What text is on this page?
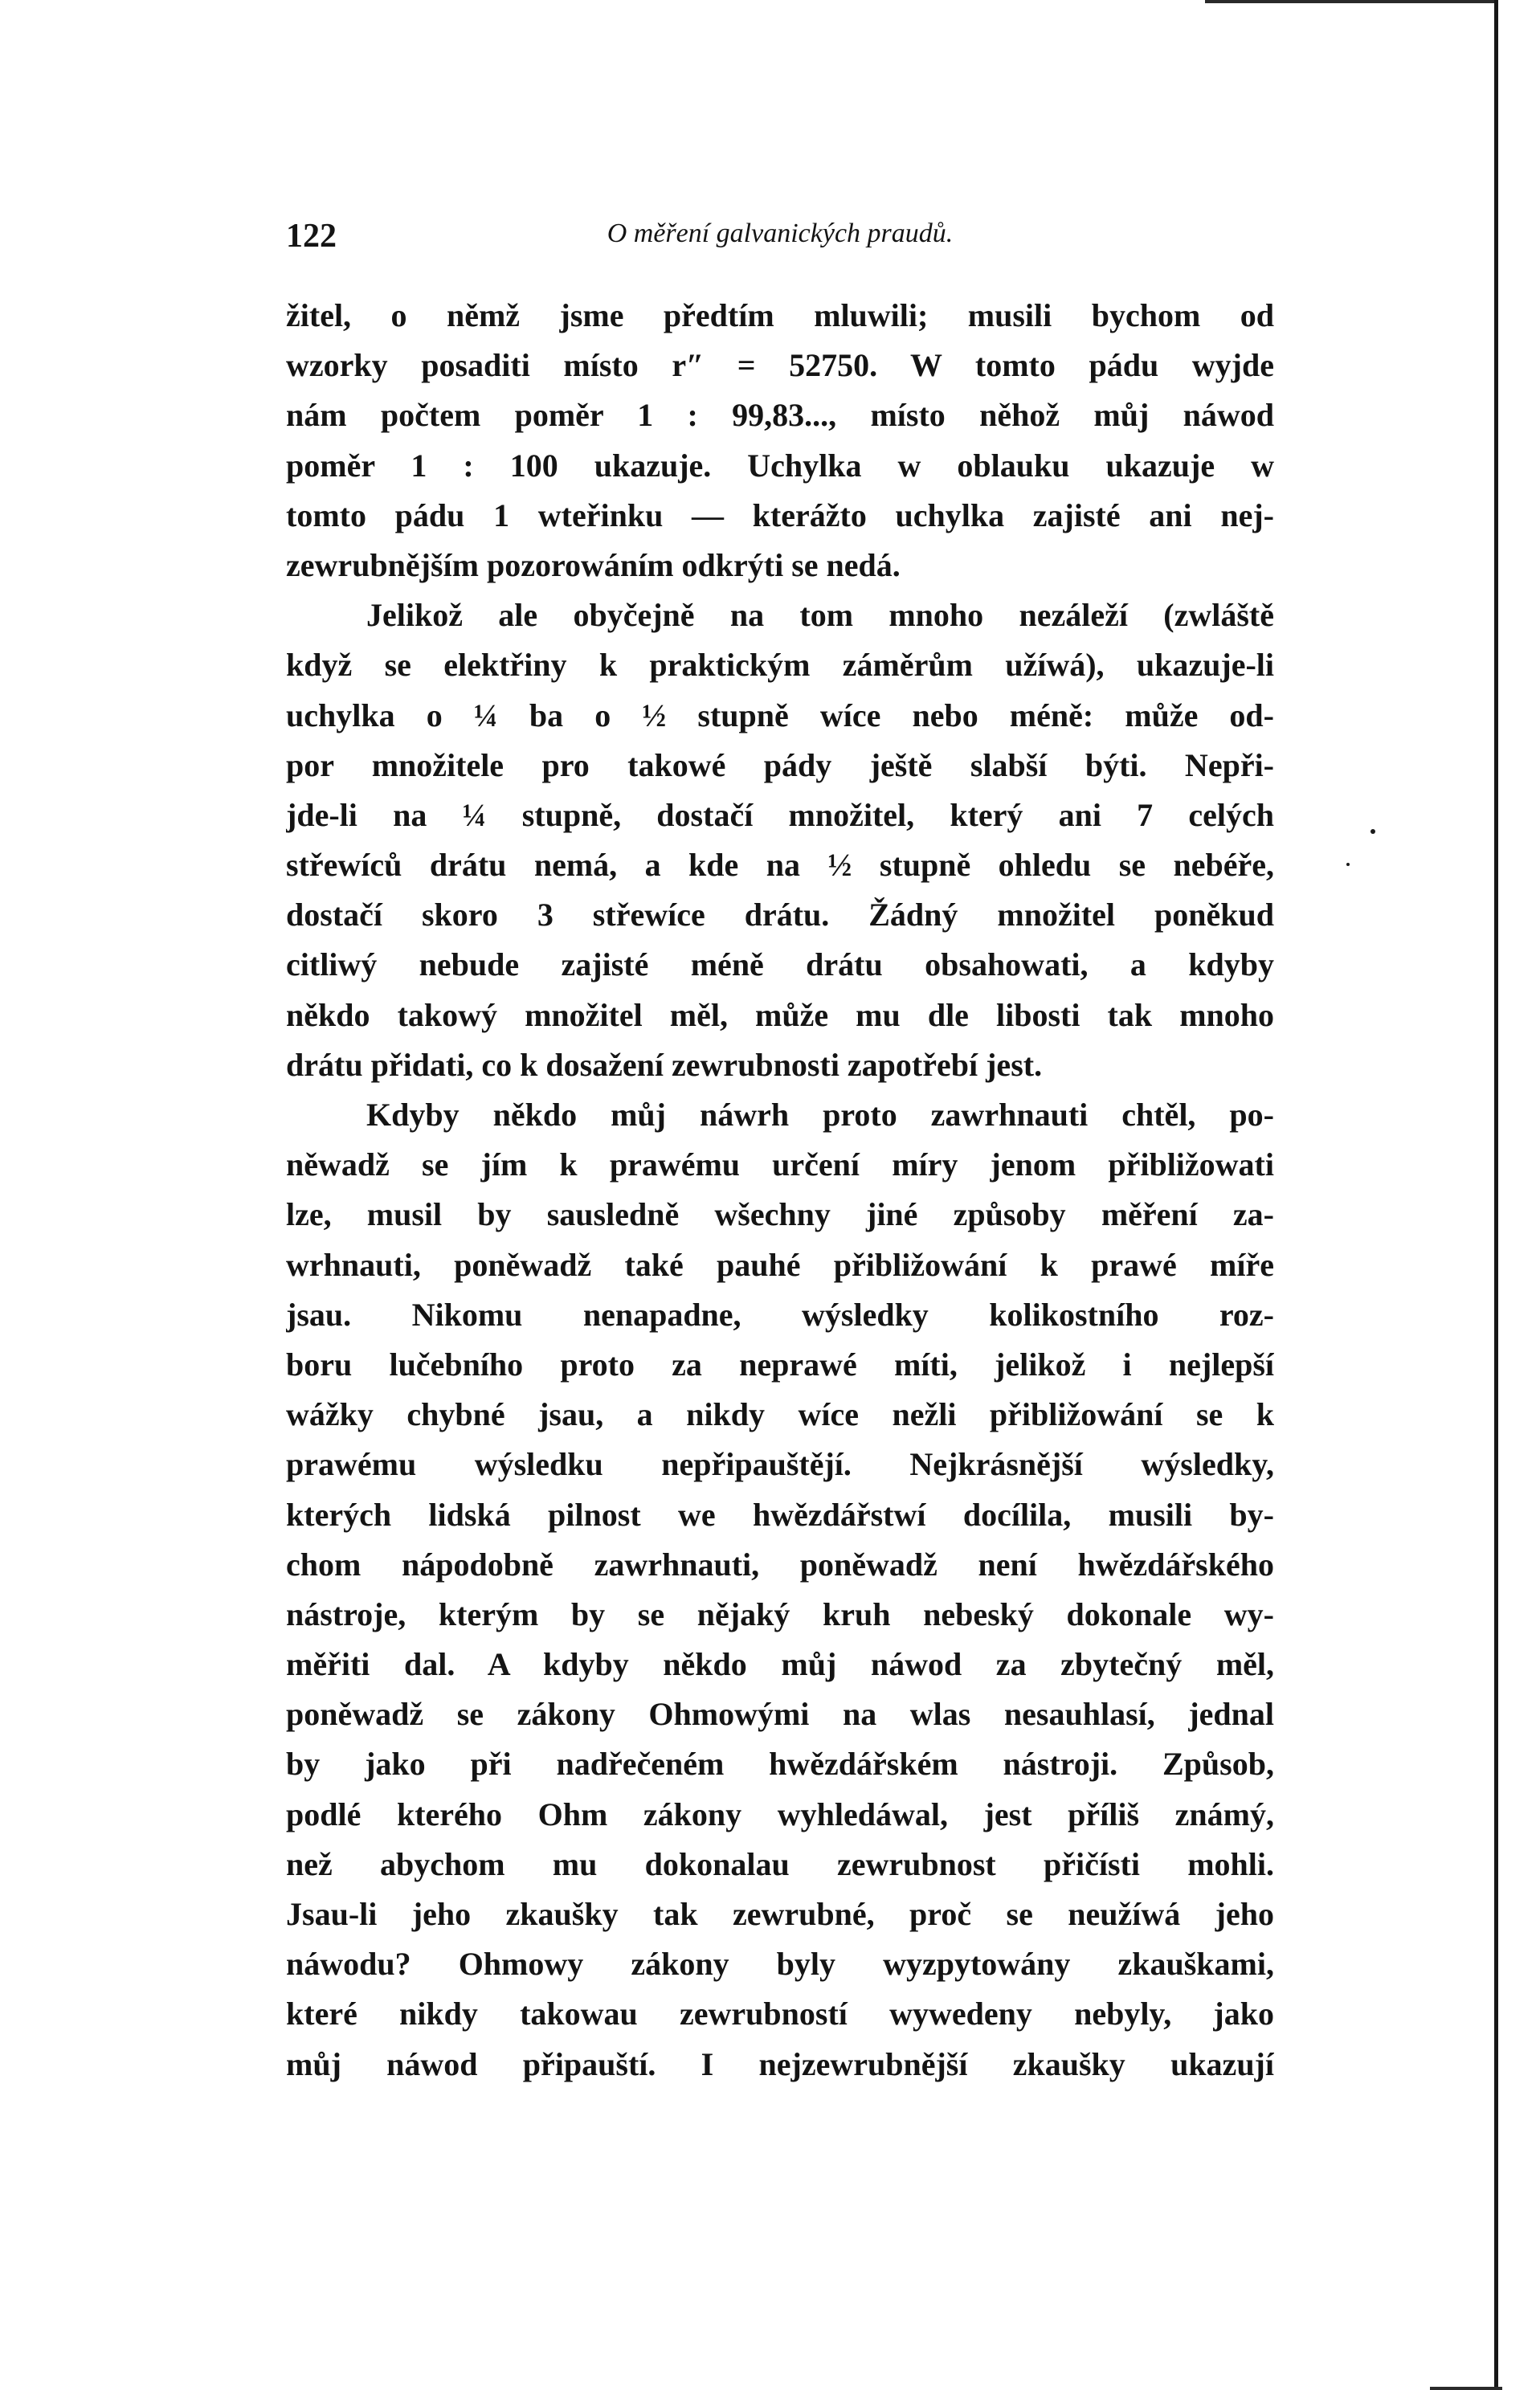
122	O měření galvanických praudů.
žitel, o němž jsme předtím mluwili; musili bychom od
wzorky posaditi místo r″ = 52750. W tomto pádu wyjde
nám počtem poměr 1 : 99,83..., místo něhož můj náwod
poměr 1 : 100 ukazuje. Uchylka w oblauku ukazuje w
tomto pádu 1 wteřinku — kterážto uchylka zajisté ani nej-
zewrubnějším pozorowáním odkrýti se nedá.
Jelikož ale obyčejně na tom mnoho nezáleží (zwláště
když se elektřiny k praktickým záměrům užíwá), ukazuje-li
uchylka o ¼ ba o ½ stupně wíce nebo méně: může od-
por množitele pro takowé pády ještě slabší býti. Nepři-
jde-li na ¼ stupně, dostačí množitel, který ani 7 celých
střewíců drátu nemá, a kde na ½ stupně ohledu se nebéře,
dostačí skoro 3 střewíce drátu. Žádný množitel poněkud
citliwý nebude zajisté méně drátu obsahowati, a kdyby
někdo takowý množitel měl, může mu dle libosti tak mnoho
drátu přidati, co k dosažení zewrubnosti zapotřebí jest.
Kdyby někdo můj náwrh proto zawrhnauti chtěl, po-
něwadž se jím k prawému určení míry jenom přibližowati
lze, musil by sausledně wšechny jiné způsoby měření za-
wrhnauti, poněwadž také pauhé přibližowání k prawé míře
jsau. Nikomu nenapadne, wýsledky kolikostního roz-
boru lučebního proto za neprawé míti, jelikož i nejlepší
wážky chybné jsau, a nikdy wíce nežli přibližowání se k
prawému wýsledku nepřipauštějí. Nejkrásnější wýsledky,
kterých lidská pilnost we hwězdářstwí docílila, musili by-
chom nápodobně zawrhnauti, poněwadž není hwězdářského
nástroje, kterým by se nějaký kruh nebeský dokonale wy-
měřiti dal. A kdyby někdo můj náwod za zbytečný měl,
poněwadž se zákony Ohmowými na wlas nesauhlasí, jednal
by jako při nadřečeném hwězdářském nástroji. Způsob,
podlé kterého Ohm zákony wyhledáwal, jest příliš známý,
než abychom mu dokonalau zewrubnost přičísti mohli.
Jsau-li jeho zkaušky tak zewrubné, proč se neužíwá jeho
náwodu? Ohmowy zákony byly wyzpytowány zkauškami,
které nikdy takowau zewrubností wywedeny nebyly, jako
můj náwod připauští. I nejzewrubnější zkaušky ukazují
